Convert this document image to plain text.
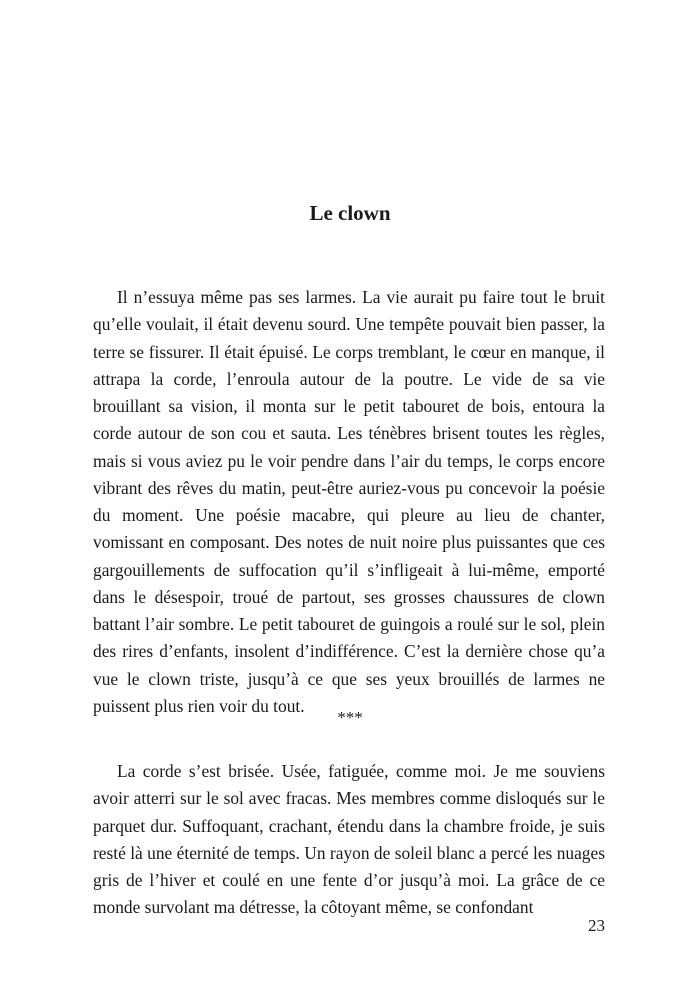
Le clown

Il n’essuya même pas ses larmes. La vie aurait pu faire tout le bruit qu’elle voulait, il était devenu sourd. Une tempête pouvait bien passer, la terre se fissurer. Il était épuisé. Le corps tremblant, le cœur en manque, il attrapa la corde, l’enroula autour de la poutre. Le vide de sa vie brouillant sa vision, il monta sur le petit tabouret de bois, entoura la corde autour de son cou et sauta. Les ténèbres brisent toutes les règles, mais si vous aviez pu le voir pendre dans l’air du temps, le corps encore vibrant des rêves du matin, peut-être auriez-vous pu concevoir la poésie du moment. Une poésie macabre, qui pleure au lieu de chanter, vomissant en composant. Des notes de nuit noire plus puissantes que ces gargouillements de suffocation qu’il s’infligeait à lui-même, emporté dans le désespoir, troué de partout, ses grosses chaussures de clown battant l’air sombre. Le petit tabouret de guingois a roulé sur le sol, plein des rires d’enfants, insolent d’indifférence. C’est la dernière chose qu’a vue le clown triste, jusqu’à ce que ses yeux brouillés de larmes ne puissent plus rien voir du tout.

***

La corde s’est brisée. Usée, fatiguée, comme moi. Je me souviens avoir atterri sur le sol avec fracas. Mes membres comme disloqués sur le parquet dur. Suffoquant, crachant, étendu dans la chambre froide, je suis resté là une éternité de temps. Un rayon de soleil blanc a percé les nuages gris de l’hiver et coulé en une fente d’or jusqu’à moi. La grâce de ce monde survolant ma détresse, la côtoyant même, se confondant

23
